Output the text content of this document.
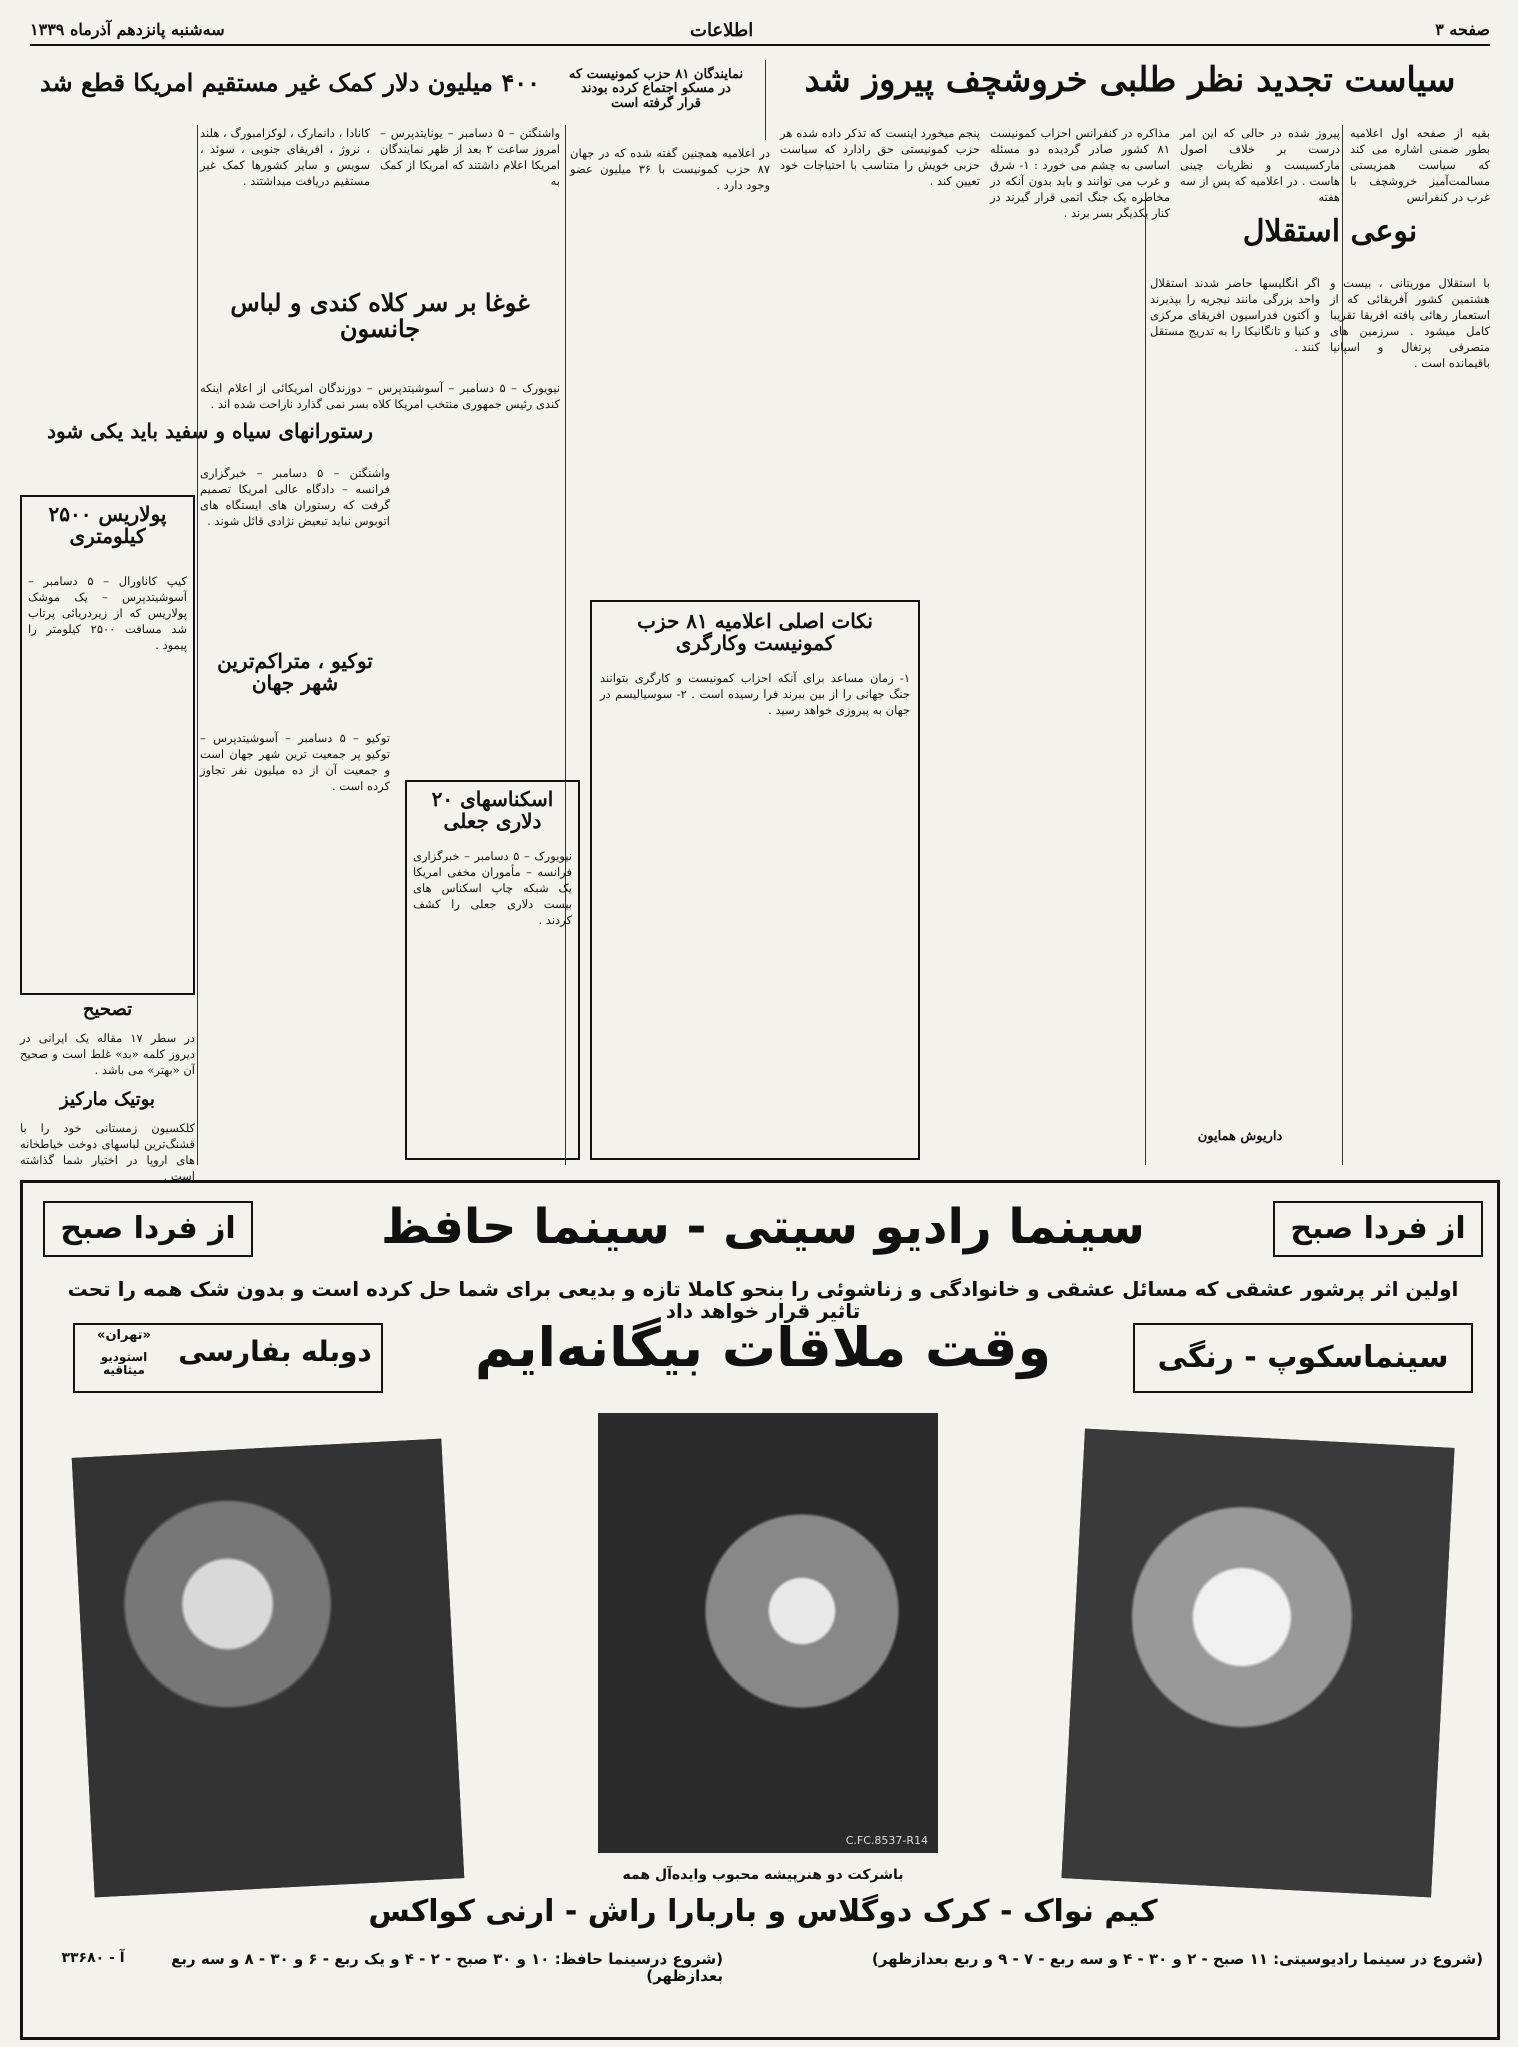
صفحه ۳
اطلاعات
سه‌شنبه پانزدهم آذرماه ۱۳۳۹
سیاست تجدید نظر طلبی خروشچف پیروز شد
۴۰۰ میلیون دلار کمک غیر مستقیم امریکا قطع شد	نمایندگان ۸۱ حزب کمونیست که در مسکو اجتماع کرده بودند قرار گرفته است
بقیه از صفحه اول اعلامیه بطور ضمنی اشاره می کند که سیاست همزیستی مسالمت‌آمیز خروشچف با غرب در کنفرانس
پیروز شده در حالی که این امر درست بر خلاف اصول مارکسیست و نظریات چینی هاست . در اعلامیه که پس از سه هفته
مذاکره در کنفرانس احزاب کمونیست ۸۱ کشور صادر گردیده دو مسئله اساسی به چشم می خورد : ۱- شرق و غرب می توانند و باید بدون آنکه در مخاطره یک جنگ اتمی قرار گیرند در کنار یکدیگر بسر برند .
پنجم میخورد اینست که تذکر داده شده هر حزب کمونیستی حق رادارد که سیاست حزبی خویش را متناسب با احتیاجات خود تعیین کند .
در اعلامیه همچنین گفته شده که در جهان ۸۷ حزب کمونیست با ۳۶ میلیون عضو وجود دارد .
واشنگتن – ۵ دسامبر – یونایتدپرس – امروز ساعت ۲ بعد از ظهر نمایندگان امریکا اعلام داشتند که امریکا از کمک به
کانادا ، دانمارک ، لوکزامبورگ ، هلند ، نروژ ، افریقای جنوبی ، سوئد ، سویس و سایر کشورها کمک غیر مستقیم دریافت میداشتند .
نوعی استقلال
با استقلال موریتانی ، بیست و هشتمین کشور آفریقائی که از استعمار رهائی یافته افریقا تقریبا کامل میشود . سرزمین های متصرفی پرتغال و اسپانیا باقیمانده است .
اگر انگلیسها حاضر شدند استقلال واحد بزرگی مانند نیجریه را بپذیرند و آکتون فدراسیون افریقای مرکزی و کنیا و تانگانیکا را به تدریج مستقل کنند .
داریوش همایون
غوغا بر سر کلاه کندی و لباس جانسون
نیویورک – ۵ دسامبر – آسوشیتدپرس – دوزندگان امریکائی از اعلام اینکه کندی رئیس جمهوری منتخب امریکا کلاه بسر نمی گذارد ناراحت شده اند .
رستورانهای سیاه و سفید باید یکی شود
واشنگتن – ۵ دسامبر – خبرگزاری فرانسه – دادگاه عالی امریکا تصمیم گرفت که رستوران های ایستگاه های اتوبوس نباید تبعیض نژادی قائل شوند .
پولاریس ۲۵۰۰ کیلومتری
کیپ کاناورال – ۵ دسامبر – آسوشیتدپرس – یک موشک پولاریس که از زیردریائی پرتاب شد مسافت ۲۵۰۰ کیلومتر را پیمود .
توکیو ، متراکم‌ترین شهر جهان
توکیو – ۵ دسامبر – آسوشیتدپرس – توکیو پر جمعیت ترین شهر جهان است و جمعیت آن از ده میلیون نفر تجاوز کرده است .
نکات اصلی اعلامیه ۸۱ حزب کمونیست وکارگری
۱- زمان مساعد برای آنکه احزاب کمونیست و کارگری بتوانند جنگ جهانی را از بین ببرند فرا رسیده است . ۲- سوسیالیسم در جهان به پیروزی خواهد رسید .
اسکناسهای ۲۰ دلاری جعلی
نیویورک – ۵ دسامبر – خبرگزاری فرانسه – مأموران مخفی امریکا یک شبکه چاپ اسکناس های بیست دلاری جعلی را کشف کردند .
تصحیح
در سطر ۱۷ مقاله یک ایرانی در دیروز کلمه «بد» غلط است و صحیح آن «بهتر» می باشد .
بوتیک مارکیز
کلکسیون زمستانی خود را با قشنگ‌ترین لباسهای دوخت خیاطخانه های اروپا در اختیار شما گذاشته است .
از فردا صبح
از فردا صبح	سینما رادیو سیتی - سینما حافظ
اولین اثر پرشور عشقی که مسائل عشقی و خانوادگی و زناشوئی را بنحو کاملا تازه و بدیعی برای شما حل کرده است و بدون شک همه را تحت تاثیر قرار خواهد داد
وقت ملاقات بیگانه‌ایم
«تهران»
استودیو میثاقیه
دوبله بفارسی	سینماسکوپ - رنگی
C.FC.8537-R14
باشرکت دو هنرپیشه محبوب وایده‌آل همه
کیم نواک - کرک دوگلاس و باربارا راش - ارنی کواکس
(شروع در سینما رادیوسیتی: ۱۱ صبح - ۲ و ۳۰ - ۴ و سه ربع - ۷ - ۹ و ربع بعدازظهر)
(شروع درسینما حافظ: ۱۰ و ۳۰ صبح - ۲ - ۴ و یک ربع - ۶ و ۳۰ - ۸ و سه ربع بعدازظهر)
آ - ۳۳۶۸۰
